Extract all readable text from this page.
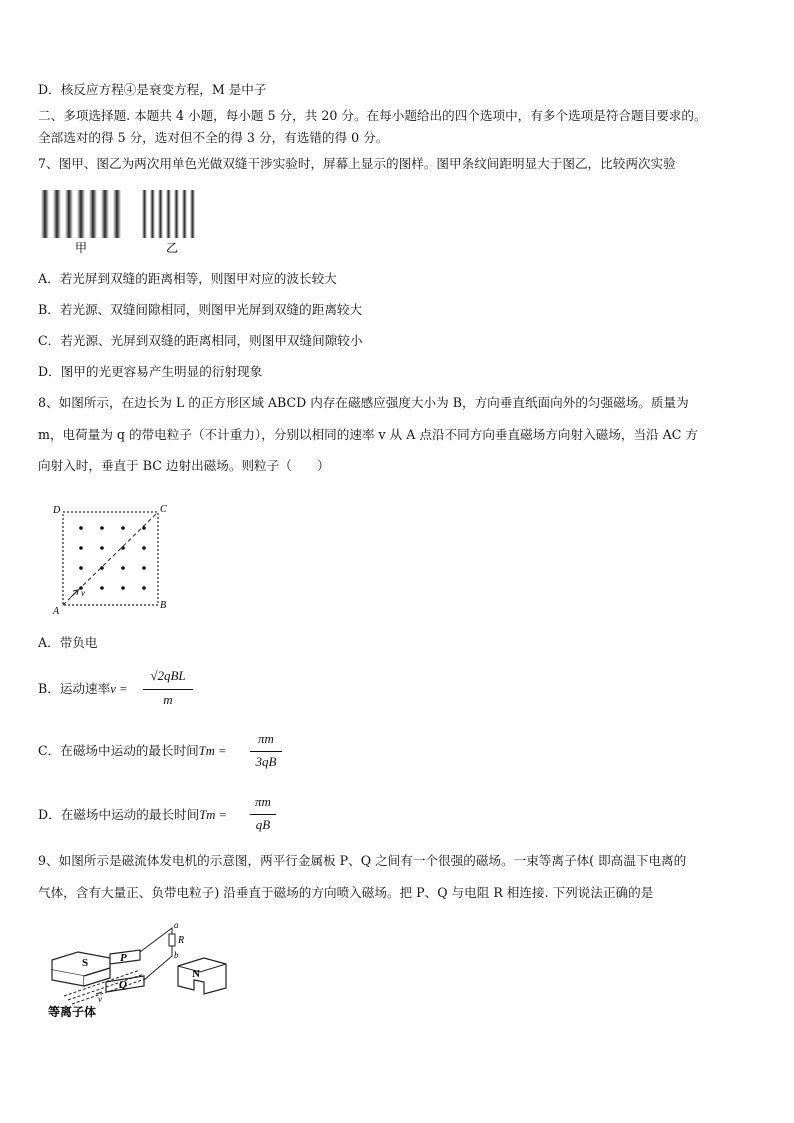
D．核反应方程④是衰变方程，M 是中子
二、多项选择题. 本题共 4 小题，每小题 5 分，共 20 分。在每小题给出的四个选项中，有多个选项是符合题目要求的。
全部选对的得 5 分，选对但不全的得 3 分，有选错的得 0 分。
7、图甲、图乙为两次用单色光做双缝干涉实验时，屏幕上显示的图样。图甲条纹间距明显大于图乙，比较两次实验
甲	乙
A．若光屏到双缝的距离相等，则图甲对应的波长较大
B．若光源、双缝间隙相同，则图甲光屏到双缝的距离较大
C．若光源、光屏到双缝的距离相同，则图甲双缝间隙较小
D．图甲的光更容易产生明显的衍射现象
8、如图所示，在边长为 L 的正方形区域 ABCD 内存在磁感应强度大小为 B，方向垂直纸面向外的匀强磁场。质量为
m，电荷量为 q 的带电粒子（不计重力），分别以相同的速率 v 从 A 点沿不同方向垂直磁场方向射入磁场，当沿 AC 方
向射入时，垂直于 BC 边射出磁场。则粒子（　　）
D	C
A
B
v
A．带负电
B．运动速率v =
√2qBL
m
C．在磁场中运动的最长时间Tm =
πm
3qB
D．在磁场中运动的最长时间Tm =
πm
qB
9、如图所示是磁流体发电机的示意图，两平行金属板 P、Q 之间有一个很强的磁场。一束等离子体( 即高温下电离的
气体，含有大量正、负带电粒子) 沿垂直于磁场的方向喷入磁场。把 P、Q 与电阻 R 相连接. 下列说法正确的是
S	P
Q
v
a
R
b
N
等离子体
